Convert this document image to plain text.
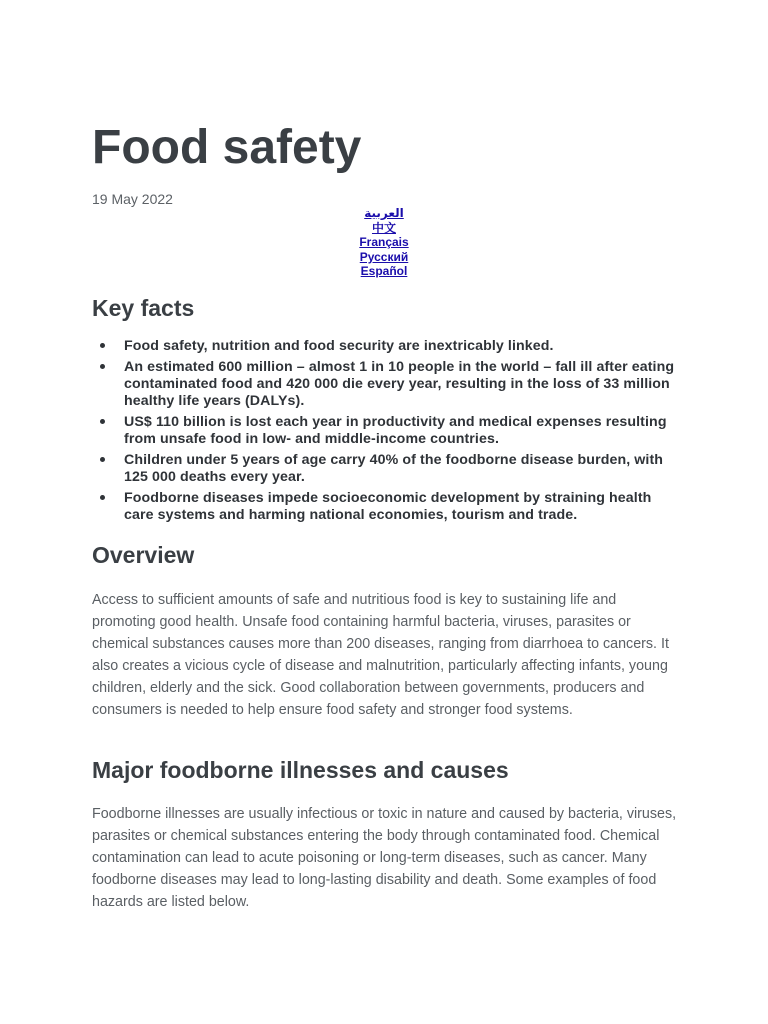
Food safety
19 May 2022
العربية
中文
Français
Русский
Español
Key facts
Food safety, nutrition and food security are inextricably linked.
An estimated 600 million – almost 1 in 10 people in the world – fall ill after eating contaminated food and 420 000 die every year, resulting in the loss of 33 million healthy life years (DALYs).
US$ 110 billion is lost each year in productivity and medical expenses resulting from unsafe food in low- and middle-income countries.
Children under 5 years of age carry 40% of the foodborne disease burden, with 125 000 deaths every year.
Foodborne diseases impede socioeconomic development by straining health care systems and harming national economies, tourism and trade.
Overview

Access to sufficient amounts of safe and nutritious food is key to sustaining life and promoting good health. Unsafe food containing harmful bacteria, viruses, parasites or chemical substances causes more than 200 diseases, ranging from diarrhoea to cancers. It also creates a vicious cycle of disease and malnutrition, particularly affecting infants, young children, elderly and the sick. Good collaboration between governments, producers and consumers is needed to help ensure food safety and stronger food systems.

Major foodborne illnesses and causes

Foodborne illnesses are usually infectious or toxic in nature and caused by bacteria, viruses, parasites or chemical substances entering the body through contaminated food. Chemical contamination can lead to acute poisoning or long-term diseases, such as cancer. Many foodborne diseases may lead to long-lasting disability and death. Some examples of food hazards are listed below.
